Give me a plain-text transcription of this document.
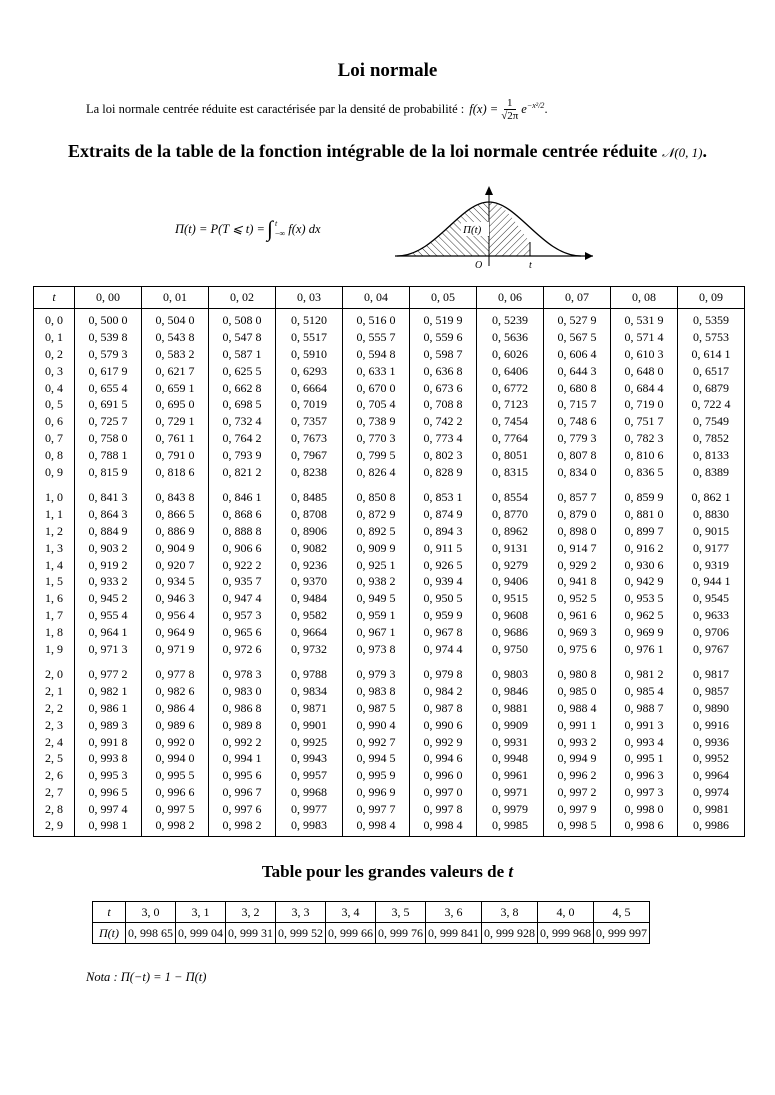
Loi normale
La loi normale centrée réduite est caractérisée par la densité de probabilité : $f(x) = \frac{1}{√2\pi} e^{-x^2/2}$ .
Extraits de la table de la fonction intégrable de la loi normale centrée réduite 𝒩(0, 1).
Π(t) = P(T ⩽ t) = ∫ t
−∞ f(x) dx	Π(t)
O	t
t	0, 00	0, 01	0, 02	0, 03	0, 04	0, 05	0, 06	0, 07	0, 08	0, 09

0, 0	0, 500 0	0, 504 0	0, 508 0	0, 5120	0, 516 0	0, 519 9	0, 5239	0, 527 9	0, 531 9	0, 5359
0, 1	0, 539 8	0, 543 8	0, 547 8	0, 5517	0, 555 7	0, 559 6	0, 5636	0, 567 5	0, 571 4	0, 5753
0, 2	0, 579 3	0, 583 2	0, 587 1	0, 5910	0, 594 8	0, 598 7	0, 6026	0, 606 4	0, 610 3	0, 614 1
0, 3	0, 617 9	0, 621 7	0, 625 5	0, 6293	0, 633 1	0, 636 8	0, 6406	0, 644 3	0, 648 0	0, 6517
0, 4	0, 655 4	0, 659 1	0, 662 8	0, 6664	0, 670 0	0, 673 6	0, 6772	0, 680 8	0, 684 4	0, 6879
0, 5	0, 691 5	0, 695 0	0, 698 5	0, 7019	0, 705 4	0, 708 8	0, 7123	0, 715 7	0, 719 0	0, 722 4
0, 6	0, 725 7	0, 729 1	0, 732 4	0, 7357	0, 738 9	0, 742 2	0, 7454	0, 748 6	0, 751 7	0, 7549
0, 7	0, 758 0	0, 761 1	0, 764 2	0, 7673	0, 770 3	0, 773 4	0, 7764	0, 779 3	0, 782 3	0, 7852
0, 8	0, 788 1	0, 791 0	0, 793 9	0, 7967	0, 799 5	0, 802 3	0, 8051	0, 807 8	0, 810 6	0, 8133
0, 9	0, 815 9	0, 818 6	0, 821 2	0, 8238	0, 826 4	0, 828 9	0, 8315	0, 834 0	0, 836 5	0, 8389

1, 0	0, 841 3	0, 843 8	0, 846 1	0, 8485	0, 850 8	0, 853 1	0, 8554	0, 857 7	0, 859 9	0, 862 1
1, 1	0, 864 3	0, 866 5	0, 868 6	0, 8708	0, 872 9	0, 874 9	0, 8770	0, 879 0	0, 881 0	0, 8830
1, 2	0, 884 9	0, 886 9	0, 888 8	0, 8906	0, 892 5	0, 894 3	0, 8962	0, 898 0	0, 899 7	0, 9015
1, 3	0, 903 2	0, 904 9	0, 906 6	0, 9082	0, 909 9	0, 911 5	0, 9131	0, 914 7	0, 916 2	0, 9177
1, 4	0, 919 2	0, 920 7	0, 922 2	0, 9236	0, 925 1	0, 926 5	0, 9279	0, 929 2	0, 930 6	0, 9319
1, 5	0, 933 2	0, 934 5	0, 935 7	0, 9370	0, 938 2	0, 939 4	0, 9406	0, 941 8	0, 942 9	0, 944 1
1, 6	0, 945 2	0, 946 3	0, 947 4	0, 9484	0, 949 5	0, 950 5	0, 9515	0, 952 5	0, 953 5	0, 9545
1, 7	0, 955 4	0, 956 4	0, 957 3	0, 9582	0, 959 1	0, 959 9	0, 9608	0, 961 6	0, 962 5	0, 9633
1, 8	0, 964 1	0, 964 9	0, 965 6	0, 9664	0, 967 1	0, 967 8	0, 9686	0, 969 3	0, 969 9	0, 9706
1, 9	0, 971 3	0, 971 9	0, 972 6	0, 9732	0, 973 8	0, 974 4	0, 9750	0, 975 6	0, 976 1	0, 9767

2, 0	0, 977 2	0, 977 8	0, 978 3	0, 9788	0, 979 3	0, 979 8	0, 9803	0, 980 8	0, 981 2	0, 9817
2, 1	0, 982 1	0, 982 6	0, 983 0	0, 9834	0, 983 8	0, 984 2	0, 9846	0, 985 0	0, 985 4	0, 9857
2, 2	0, 986 1	0, 986 4	0, 986 8	0, 9871	0, 987 5	0, 987 8	0, 9881	0, 988 4	0, 988 7	0, 9890
2, 3	0, 989 3	0, 989 6	0, 989 8	0, 9901	0, 990 4	0, 990 6	0, 9909	0, 991 1	0, 991 3	0, 9916
2, 4	0, 991 8	0, 992 0	0, 992 2	0, 9925	0, 992 7	0, 992 9	0, 9931	0, 993 2	0, 993 4	0, 9936
2, 5	0, 993 8	0, 994 0	0, 994 1	0, 9943	0, 994 5	0, 994 6	0, 9948	0, 994 9	0, 995 1	0, 9952
2, 6	0, 995 3	0, 995 5	0, 995 6	0, 9957	0, 995 9	0, 996 0	0, 9961	0, 996 2	0, 996 3	0, 9964
2, 7	0, 996 5	0, 996 6	0, 996 7	0, 9968	0, 996 9	0, 997 0	0, 9971	0, 997 2	0, 997 3	0, 9974
2, 8	0, 997 4	0, 997 5	0, 997 6	0, 9977	0, 997 7	0, 997 8	0, 9979	0, 997 9	0, 998 0	0, 9981
2, 9	0, 998 1	0, 998 2	0, 998 2	0, 9983	0, 998 4	0, 998 4	0, 9985	0, 998 5	0, 998 6	0, 9986
Table pour les grandes valeurs de t
t	3, 0	3, 1	3, 2	3, 3	3, 4	3, 5	3, 6	3, 8	4, 0	4, 5
Π(t)	0, 998 65	0, 999 04	0, 999 31	0, 999 52	0, 999 66	0, 999 76	0, 999 841	0, 999 928	0, 999 968	0, 999 997
Nota : Π(−t) = 1 − Π(t)
